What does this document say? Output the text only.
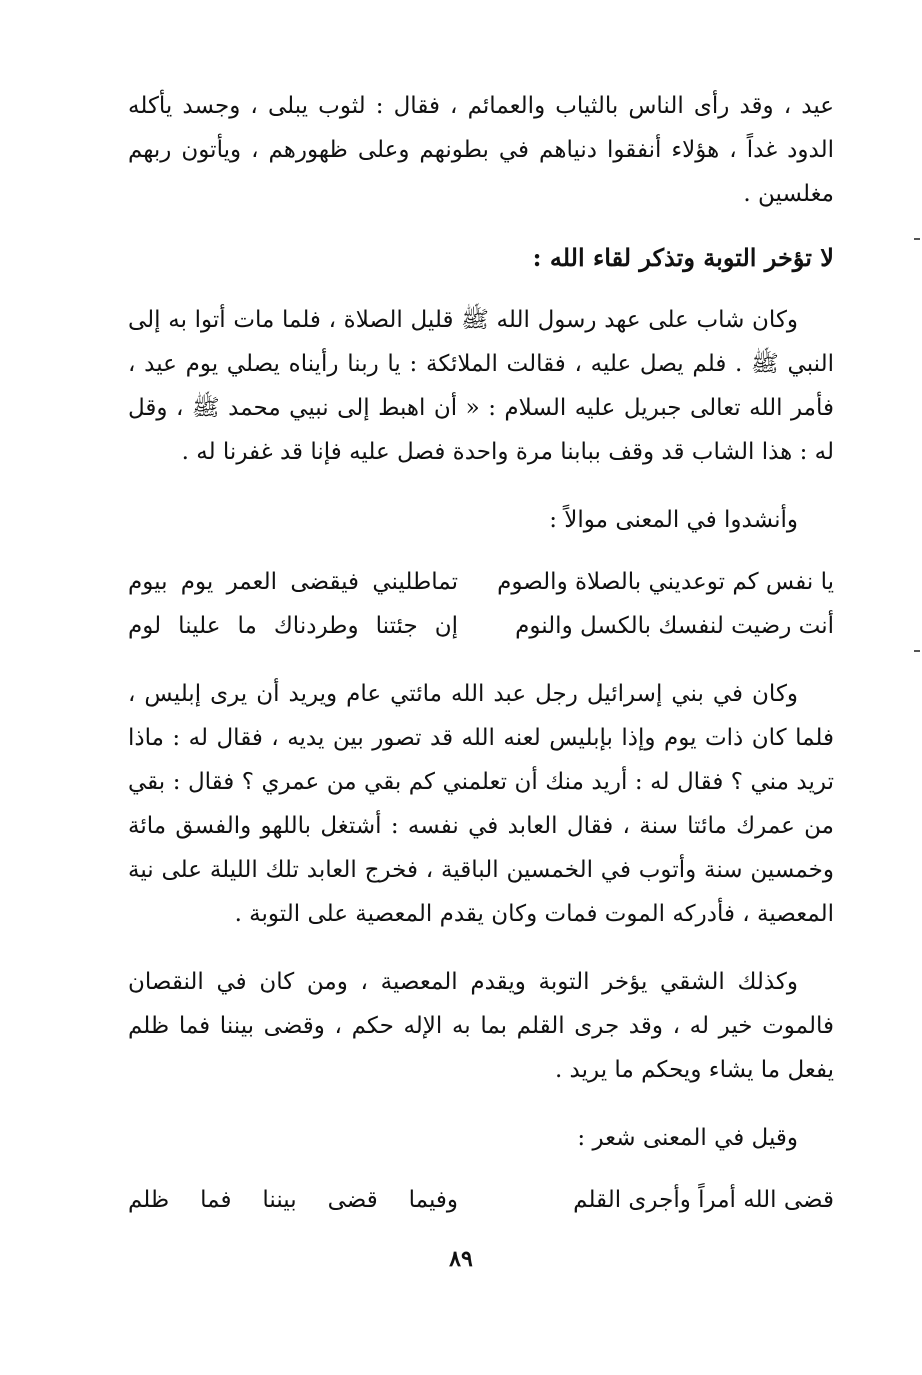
عيد ، وقد رأى الناس بالثياب والعمائم ، فقال : لثوب يبلى ، وجسد يأكله الدود غداً ، هؤلاء أنفقوا دنياهم في بطونهم وعلى ظهورهم ، ويأتون ربهم مغلسين .

لا تؤخر التوبة وتذكر لقاء الله :

وكان شاب على عهد رسول الله ﷺ قليل الصلاة ، فلما مات أتوا به إلى النبي ﷺ . فلم يصل عليه ، فقالت الملائكة : يا ربنا رأيناه يصلي يوم عيد ، فأمر الله تعالى جبريل عليه السلام : « أن اهبط إلى نبيي محمد ﷺ ، وقل له : هذا الشاب قد وقف ببابنا مرة واحدة فصل عليه فإنا قد غفرنا له .

وأنشدوا في المعنى موالاً :

يا نفس كم توعديني بالصلاة والصوم
تماطليني فيقضى العمر يوم بيوم
أنت رضيت لنفسك بالكسل والنوم
إن جئتنا وطردناك ما علينا لوم

وكان في بني إسرائيل رجل عبد الله مائتي عام ويريد أن يرى إبليس ، فلما كان ذات يوم وإذا بإبليس لعنه الله قد تصور بين يديه ، فقال له : ماذا تريد مني ؟ فقال له : أريد منك أن تعلمني كم بقي من عمري ؟ فقال : بقي من عمرك مائتا سنة ، فقال العابد في نفسه : أشتغل باللهو والفسق مائة وخمسين سنة وأتوب في الخمسين الباقية ، فخرج العابد تلك الليلة على نية المعصية ، فأدركه الموت فمات وكان يقدم المعصية على التوبة .

وكذلك الشقي يؤخر التوبة ويقدم المعصية ، ومن كان في النقصان فالموت خير له ، وقد جرى القلم بما به الإله حكم ، وقضى بيننا فما ظلم يفعل ما يشاء ويحكم ما يريد .

وقيل في المعنى شعر :

قضى الله أمراً وأجرى القلم
وفيما قضى بيننا فما ظلم
٨٩
